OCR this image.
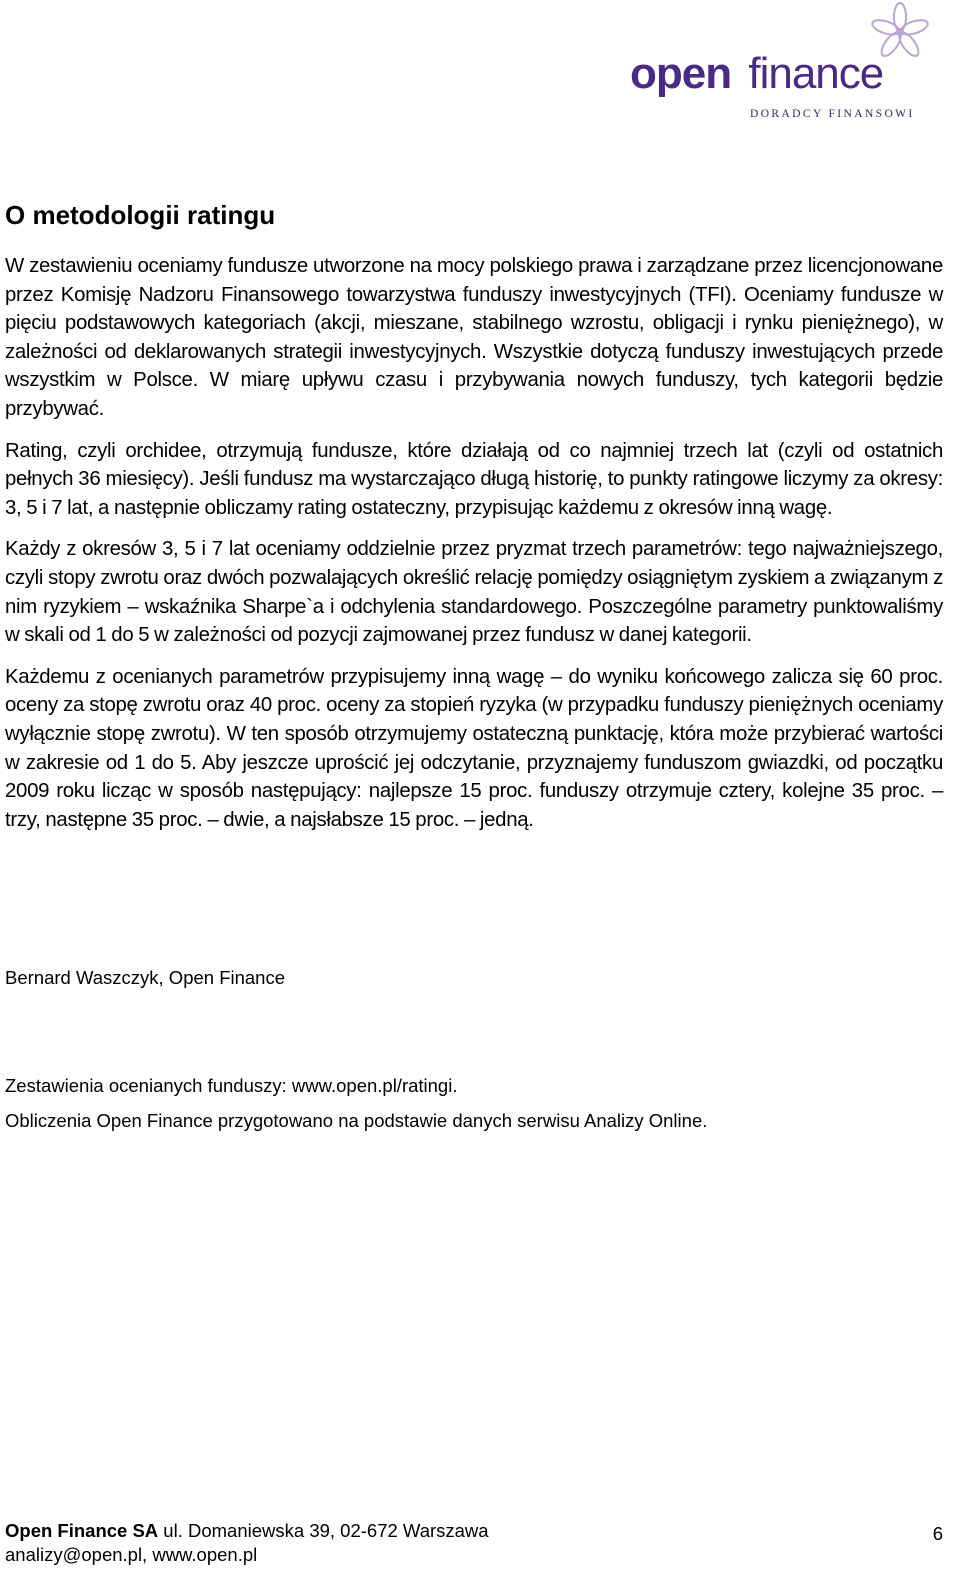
open finance
DORADCY FINANSOWI
O metodologii ratingu

W zestawieniu oceniamy fundusze utworzone na mocy polskiego prawa i zarządzane przez licencjonowane przez Komisję Nadzoru Finansowego towarzystwa funduszy inwestycyjnych (TFI). Oceniamy fundusze w pięciu podstawowych kategoriach (akcji, mieszane, stabilnego wzrostu, obligacji i rynku pieniężnego), w zależności od deklarowanych strategii inwestycyjnych. Wszystkie dotyczą funduszy inwestujących przede wszystkim w Polsce. W miarę upływu czasu i przybywania nowych funduszy, tych kategorii będzie przybywać.

Rating, czyli orchidee, otrzymują fundusze, które działają od co najmniej trzech lat (czyli od ostatnich pełnych 36 miesięcy). Jeśli fundusz ma wystarczająco długą historię, to punkty ratingowe liczymy za okresy: 3, 5 i 7 lat, a następnie obliczamy rating ostateczny, przypisując każdemu z okresów inną wagę.

Każdy z okresów 3, 5 i 7 lat oceniamy oddzielnie przez pryzmat trzech parametrów: tego najważniejszego, czyli stopy zwrotu oraz dwóch pozwalających określić relację pomiędzy osiągniętym zyskiem a związanym z nim ryzykiem – wskaźnika Sharpe`a i odchylenia standardowego. Poszczególne parametry punktowaliśmy w skali od 1 do 5 w zależności od pozycji zajmowanej przez fundusz w danej kategorii.

Każdemu z ocenianych parametrów przypisujemy inną wagę – do wyniku końcowego zalicza się 60 proc. oceny za stopę zwrotu oraz 40 proc. oceny za stopień ryzyka (w przypadku funduszy pieniężnych oceniamy wyłącznie stopę zwrotu). W ten sposób otrzymujemy ostateczną punktację, która może przybierać wartości w zakresie od 1 do 5. Aby jeszcze uprościć jej odczytanie, przyznajemy funduszom gwiazdki, od początku 2009 roku licząc w sposób następujący: najlepsze 15 proc. funduszy otrzymuje cztery, kolejne 35 proc. – trzy, następne 35 proc. – dwie, a najsłabsze 15 proc. – jedną.

Bernard Waszczyk, Open Finance

Zestawienia ocenianych funduszy: www.open.pl/ratingi.

Obliczenia Open Finance przygotowano na podstawie danych serwisu Analizy Online.

Open Finance SA ul. Domaniewska 39, 02-672 Warszawa
analizy@open.pl, www.open.pl
6
